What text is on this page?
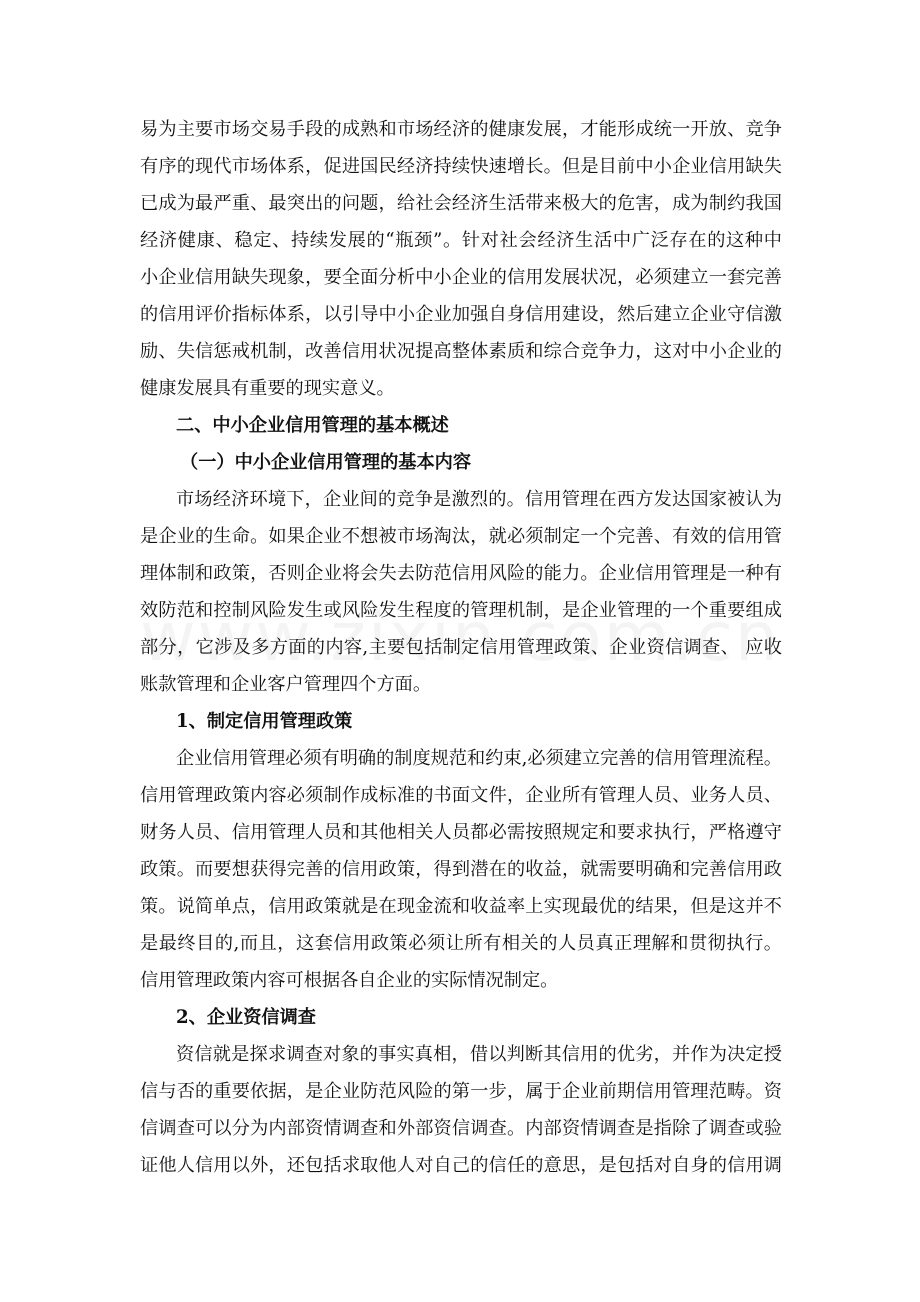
易为主要市场交易手段的成熟和市场经济的健康发展，才能形成统一开放、竞争
有序的现代市场体系，促进国民经济持续快速增长。但是目前中小企业信用缺失
已成为最严重、最突出的问题，给社会经济生活带来极大的危害，成为制约我国
经济健康、稳定、持续发展的“瓶颈”。针对社会经济生活中广泛存在的这种中
小企业信用缺失现象，要全面分析中小企业的信用发展状况，必须建立一套完善
的信用评价指标体系，以引导中小企业加强自身信用建设，然后建立企业守信激
励、失信惩戒机制，改善信用状况提高整体素质和综合竞争力，这对中小企业的
健康发展具有重要的现实意义。
二、中小企业信用管理的基本概述
（一）中小企业信用管理的基本内容
市场经济环境下，企业间的竞争是激烈的。信用管理在西方发达国家被认为
是企业的生命。如果企业不想被市场淘汰，就必须制定一个完善、有效的信用管
理体制和政策，否则企业将会失去防范信用风险的能力。企业信用管理是一种有
效防范和控制风险发生或风险发生程度的管理机制，是企业管理的一个重要组成
部分，它涉及多方面的内容,主要包括制定信用管理政策、企业资信调查、 应收
账款管理和企业客户管理四个方面。
1、制定信用管理政策
企业信用管理必须有明确的制度规范和约束,必须建立完善的信用管理流程。
信用管理政策内容必须制作成标准的书面文件，企业所有管理人员、业务人员、
财务人员、信用管理人员和其他相关人员都必需按照规定和要求执行，严格遵守
政策。而要想获得完善的信用政策，得到潜在的收益，就需要明确和完善信用政
策。说简单点，信用政策就是在现金流和收益率上实现最优的结果，但是这并不
是最终目的,而且，这套信用政策必须让所有相关的人员真正理解和贯彻执行。
信用管理政策内容可根据各自企业的实际情况制定。
2、企业资信调查
资信就是探求调查对象的事实真相，借以判断其信用的优劣，并作为决定授
信与否的重要依据，是企业防范风险的第一步，属于企业前期信用管理范畴。资
信调查可以分为内部资情调查和外部资信调查。内部资情调查是指除了调查或验
证他人信用以外，还包括求取他人对自己的信任的意思，是包括对自身的信用调
